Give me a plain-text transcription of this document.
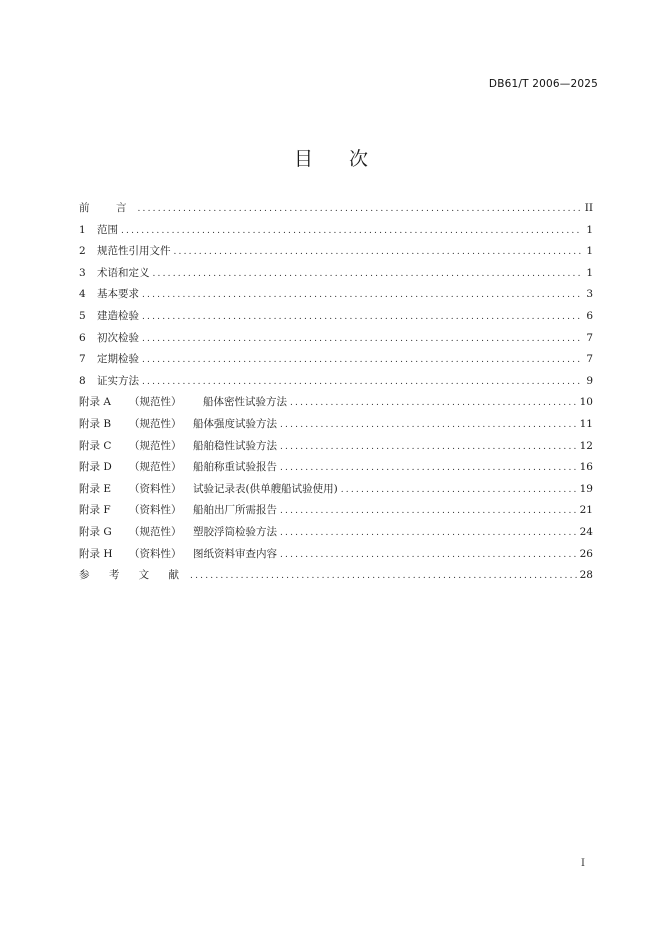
DB61/T 2006—2025
目 次
前　言 .....	II
1	范围 .....	1
2	规范性引用文件 .....	1
3	术语和定义 .....	1
4	基本要求 .....	3
5	建造检验 .....	6
6	初次检验 .....	7
7	定期检验 .....	7
8	证实方法 .....	9
附录 A	（规范性）	船体密性试验方法 .....	10
附录 B	（规范性）	船体强度试验方法 .....	11
附录 C	（规范性）	船舶稳性试验方法 .....	12
附录 D	（规范性）	船舶称重试验报告 .....	16
附录 E	（资料性）	试验记录表(供单艘船试验使用) .....	19
附录 F	（资料性）	船舶出厂所需报告 .....	21
附录 G	（规范性）	塑胶浮筒检验方法 .....	24
附录 H	（资料性）	图纸资料审查内容 .....	26
参 考 文 献 .....	28
I
